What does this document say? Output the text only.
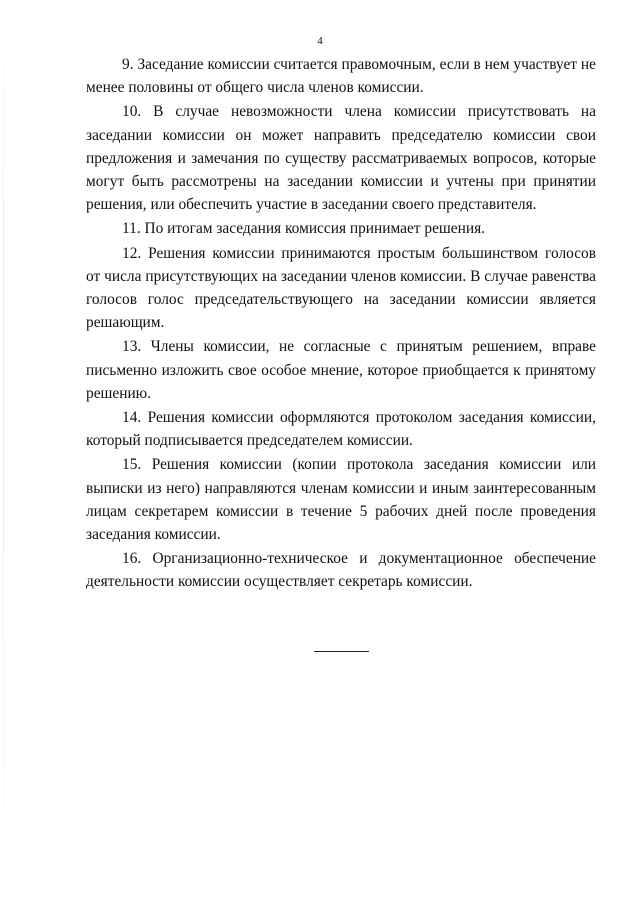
4

9. Заседание комиссии считается правомочным, если в нем участвует не менее половины от общего числа членов комиссии.

10. В случае невозможности члена комиссии присутствовать на заседании комиссии он может направить председателю комиссии свои предложения и замечания по существу рассматриваемых вопросов, которые могут быть рассмотрены на заседании комиссии и учтены при принятии решения, или обеспечить участие в заседании своего представителя.

11. По итогам заседания комиссия принимает решения.

12. Решения комиссии принимаются простым большинством голосов от числа присутствующих на заседании членов комиссии. В случае равенства голосов голос председательствующего на заседании комиссии является решающим.

13. Члены комиссии, не согласные с принятым решением, вправе письменно изложить свое особое мнение, которое приобщается к принятому решению.

14. Решения комиссии оформляются протоколом заседания комиссии, который подписывается председателем комиссии.

15. Решения комиссии (копии протокола заседания комиссии или выписки из него) направляются членам комиссии и иным заинтересованным лицам секретарем комиссии в течение 5 рабочих дней после проведения заседания комиссии.

16. Организационно-техническое и документационное обеспечение деятельности комиссии осуществляет секретарь комиссии.
